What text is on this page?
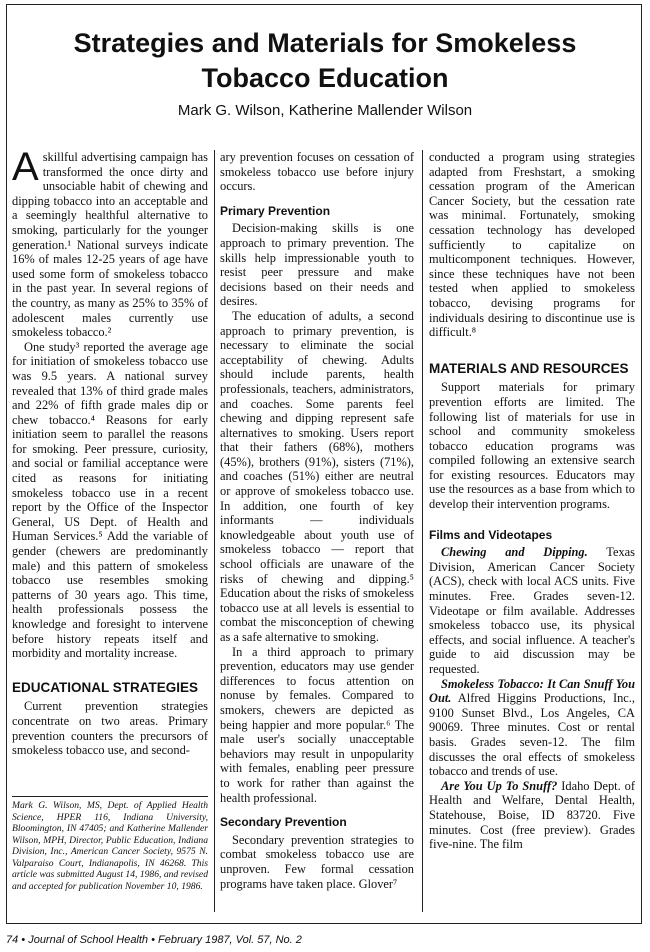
Strategies and Materials for Smokeless
Tobacco Education
Mark G. Wilson, Katherine Mallender Wilson

Askillful advertising campaign has transformed the once dirty and unsociable habit of chewing and dipping tobacco into an acceptable and a seemingly healthful alternative to smoking, particularly for the younger generation.¹ National surveys indicate 16% of males 12-25 years of age have used some form of smokeless tobacco in the past year. In several regions of the country, as many as 25% to 35% of adolescent males currently use smokeless tobacco.²

One study³ reported the average age for initiation of smokeless tobacco use was 9.5 years. A national survey revealed that 13% of third grade males and 22% of fifth grade males dip or chew tobacco.⁴ Reasons for early initiation seem to parallel the reasons for smoking. Peer pressure, curiosity, and social or familial acceptance were cited as reasons for initiating smokeless tobacco use in a recent report by the Office of the Inspector General, US Dept. of Health and Human Services.⁵ Add the variable of gender (chewers are predominantly male) and this pattern of smokeless tobacco use resembles smoking patterns of 30 years ago. This time, health professionals possess the knowledge and foresight to intervene before history repeats itself and morbidity and mortality increase.

EDUCATIONAL STRATEGIES

Current prevention strategies concentrate on two areas. Primary prevention counters the precursors of smokeless tobacco use, and second-

Mark G. Wilson, MS, Dept. of Applied Health Science, HPER 116, Indiana University, Bloomington, IN 47405; and Katherine Mallender Wilson, MPH, Director, Public Education, Indiana Division, Inc., American Cancer Society, 9575 N. Valparaiso Court, Indianapolis, IN 46268. This article was submitted August 14, 1986, and revised and accepted for publication November 10, 1986.

ary prevention focuses on cessation of smokeless tobacco use before injury occurs.

Primary Prevention

Decision-making skills is one approach to primary prevention. The skills help impressionable youth to resist peer pressure and make decisions based on their needs and desires.

The education of adults, a second approach to primary prevention, is necessary to eliminate the social acceptability of chewing. Adults should include parents, health professionals, teachers, administrators, and coaches. Some parents feel chewing and dipping represent safe alternatives to smoking. Users report that their fathers (68%), mothers (45%), brothers (91%), sisters (71%), and coaches (51%) either are neutral or approve of smokeless tobacco use. In addition, one fourth of key informants — individuals knowledgeable about youth use of smokeless tobacco — report that school officials are unaware of the risks of chewing and dipping.⁵ Education about the risks of smokeless tobacco use at all levels is essential to combat the misconception of chewing as a safe alternative to smoking.

In a third approach to primary prevention, educators may use gender differences to focus attention on nonuse by females. Compared to smokers, chewers are depicted as being happier and more popular.⁶ The male user's socially unacceptable behaviors may result in unpopularity with females, enabling peer pressure to work for rather than against the health professional.

Secondary Prevention

Secondary prevention strategies to combat smokeless tobacco use are unproven. Few formal cessation programs have taken place. Glover⁷

conducted a program using strategies adapted from Freshstart, a smoking cessation program of the American Cancer Society, but the cessation rate was minimal. Fortunately, smoking cessation technology has developed sufficiently to capitalize on multicomponent techniques. However, since these techniques have not been tested when applied to smokeless tobacco, devising programs for individuals desiring to discontinue use is difficult.⁸

MATERIALS AND RESOURCES

Support materials for primary prevention efforts are limited. The following list of materials for use in school and community smokeless tobacco education programs was compiled following an extensive search for existing resources. Educators may use the resources as a base from which to develop their intervention programs.

Films and Videotapes

Chewing and Dipping. Texas Division, American Cancer Society (ACS), check with local ACS units. Five minutes. Free. Grades seven-12. Videotape or film available. Addresses smokeless tobacco use, its physical effects, and social influence. A teacher's guide to aid discussion may be requested.

Smokeless Tobacco: It Can Snuff You Out. Alfred Higgins Productions, Inc., 9100 Sunset Blvd., Los Angeles, CA 90069. Three minutes. Cost or rental basis. Grades seven-12. The film discusses the oral effects of smokeless tobacco and trends of use.

Are You Up To Snuff? Idaho Dept. of Health and Welfare, Dental Health, Statehouse, Boise, ID 83720. Five minutes. Cost (free preview). Grades five-nine. The film

74 • Journal of School Health • February 1987, Vol. 57, No. 2
